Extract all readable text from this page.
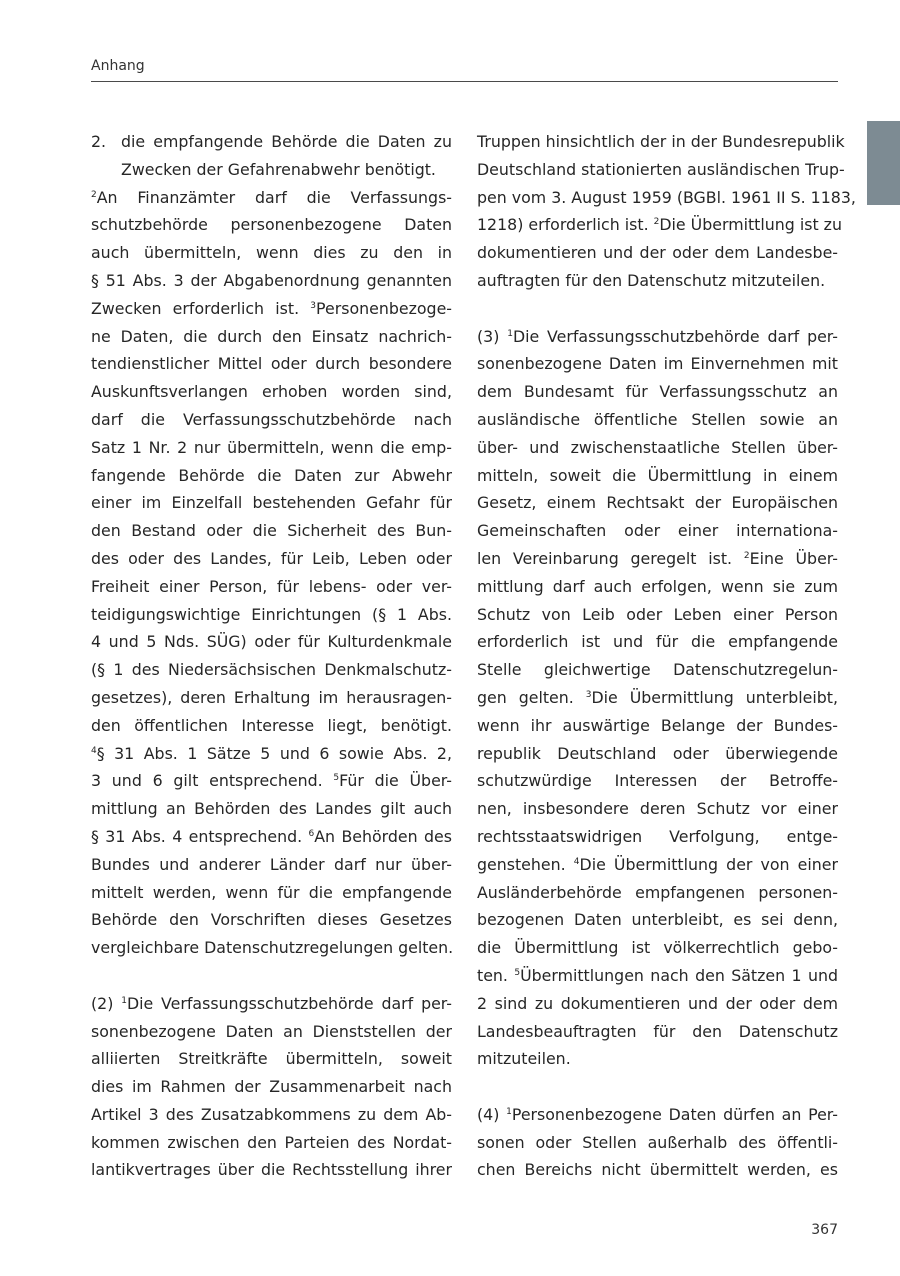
Anhang
2. die empfangende Behörde die Daten zu
Zwecken der Gefahrenabwehr benötigt.
$^2$An Finanzämter darf die Verfassungs-
schutzbehörde personenbezogene Daten
auch übermitteln, wenn dies zu den in
§ 51 Abs. 3 der Abgabenordnung genannten
Zwecken erforderlich ist. $^3$Personenbezoge-
ne Daten, die durch den Einsatz nachrich-
tendienstlicher Mittel oder durch besondere
Auskunftsverlangen erhoben worden sind,
darf die Verfassungsschutzbehörde nach
Satz 1 Nr. 2 nur übermitteln, wenn die emp-
fangende Behörde die Daten zur Abwehr
einer im Einzelfall bestehenden Gefahr für
den Bestand oder die Sicherheit des Bun-
des oder des Landes, für Leib, Leben oder
Freiheit einer Person, für lebens- oder ver-
teidigungswichtige Einrichtungen (§ 1 Abs.
4 und 5 Nds. SÜG) oder für Kulturdenkmale
(§ 1 des Niedersächsischen Denkmalschutz-
gesetzes), deren Erhaltung im herausragen-
den öffentlichen Interesse liegt, benötigt.
$^4$§ 31 Abs. 1 Sätze 5 und 6 sowie Abs. 2,
3 und 6 gilt entsprechend. $^5$Für die Über-
mittlung an Behörden des Landes gilt auch
§ 31 Abs. 4 entsprechend. $^6$An Behörden des
Bundes und anderer Länder darf nur über-
mittelt werden, wenn für die empfangende
Behörde den Vorschriften dieses Gesetzes
vergleichbare Datenschutzregelungen gelten.
(2) $^1$Die Verfassungsschutzbehörde darf per-
sonenbezogene Daten an Dienststellen der
alliierten Streitkräfte übermitteln, soweit
dies im Rahmen der Zusammenarbeit nach
Artikel 3 des Zusatzabkommens zu dem Ab-
kommen zwischen den Parteien des Nordat-
lantikvertrages über die Rechtsstellung ihrer
Truppen hinsichtlich der in der Bundesrepublik
Deutschland stationierten ausländischen Trup-
pen vom 3. August 1959 (BGBl. 1961 II S. 1183,
1218) erforderlich ist. $^2$Die Übermittlung ist zu
dokumentieren und der oder dem Landesbe-
auftragten für den Datenschutz mitzuteilen.
(3) $^1$Die Verfassungsschutzbehörde darf per-
sonenbezogene Daten im Einvernehmen mit
dem Bundesamt für Verfassungsschutz an
ausländische öffentliche Stellen sowie an
über- und zwischenstaatliche Stellen über-
mitteln, soweit die Übermittlung in einem
Gesetz, einem Rechtsakt der Europäischen
Gemeinschaften oder einer internationa-
len Vereinbarung geregelt ist. $^2$Eine Über-
mittlung darf auch erfolgen, wenn sie zum
Schutz von Leib oder Leben einer Person
erforderlich ist und für die empfangende
Stelle gleichwertige Datenschutzregelun-
gen gelten. $^3$Die Übermittlung unterbleibt,
wenn ihr auswärtige Belange der Bundes-
republik Deutschland oder überwiegende
schutzwürdige Interessen der Betroffe-
nen, insbesondere deren Schutz vor einer
rechtsstaatswidrigen Verfolgung, entge-
genstehen. $^4$Die Übermittlung der von einer
Ausländerbehörde empfangenen personen-
bezogenen Daten unterbleibt, es sei denn,
die Übermittlung ist völkerrechtlich gebo-
ten. $^5$Übermittlungen nach den Sätzen 1 und
2 sind zu dokumentieren und der oder dem
Landesbeauftragten für den Datenschutz
mitzuteilen.
(4) $^1$Personenbezogene Daten dürfen an Per-
sonen oder Stellen außerhalb des öffentli-
chen Bereichs nicht übermittelt werden, es
367
